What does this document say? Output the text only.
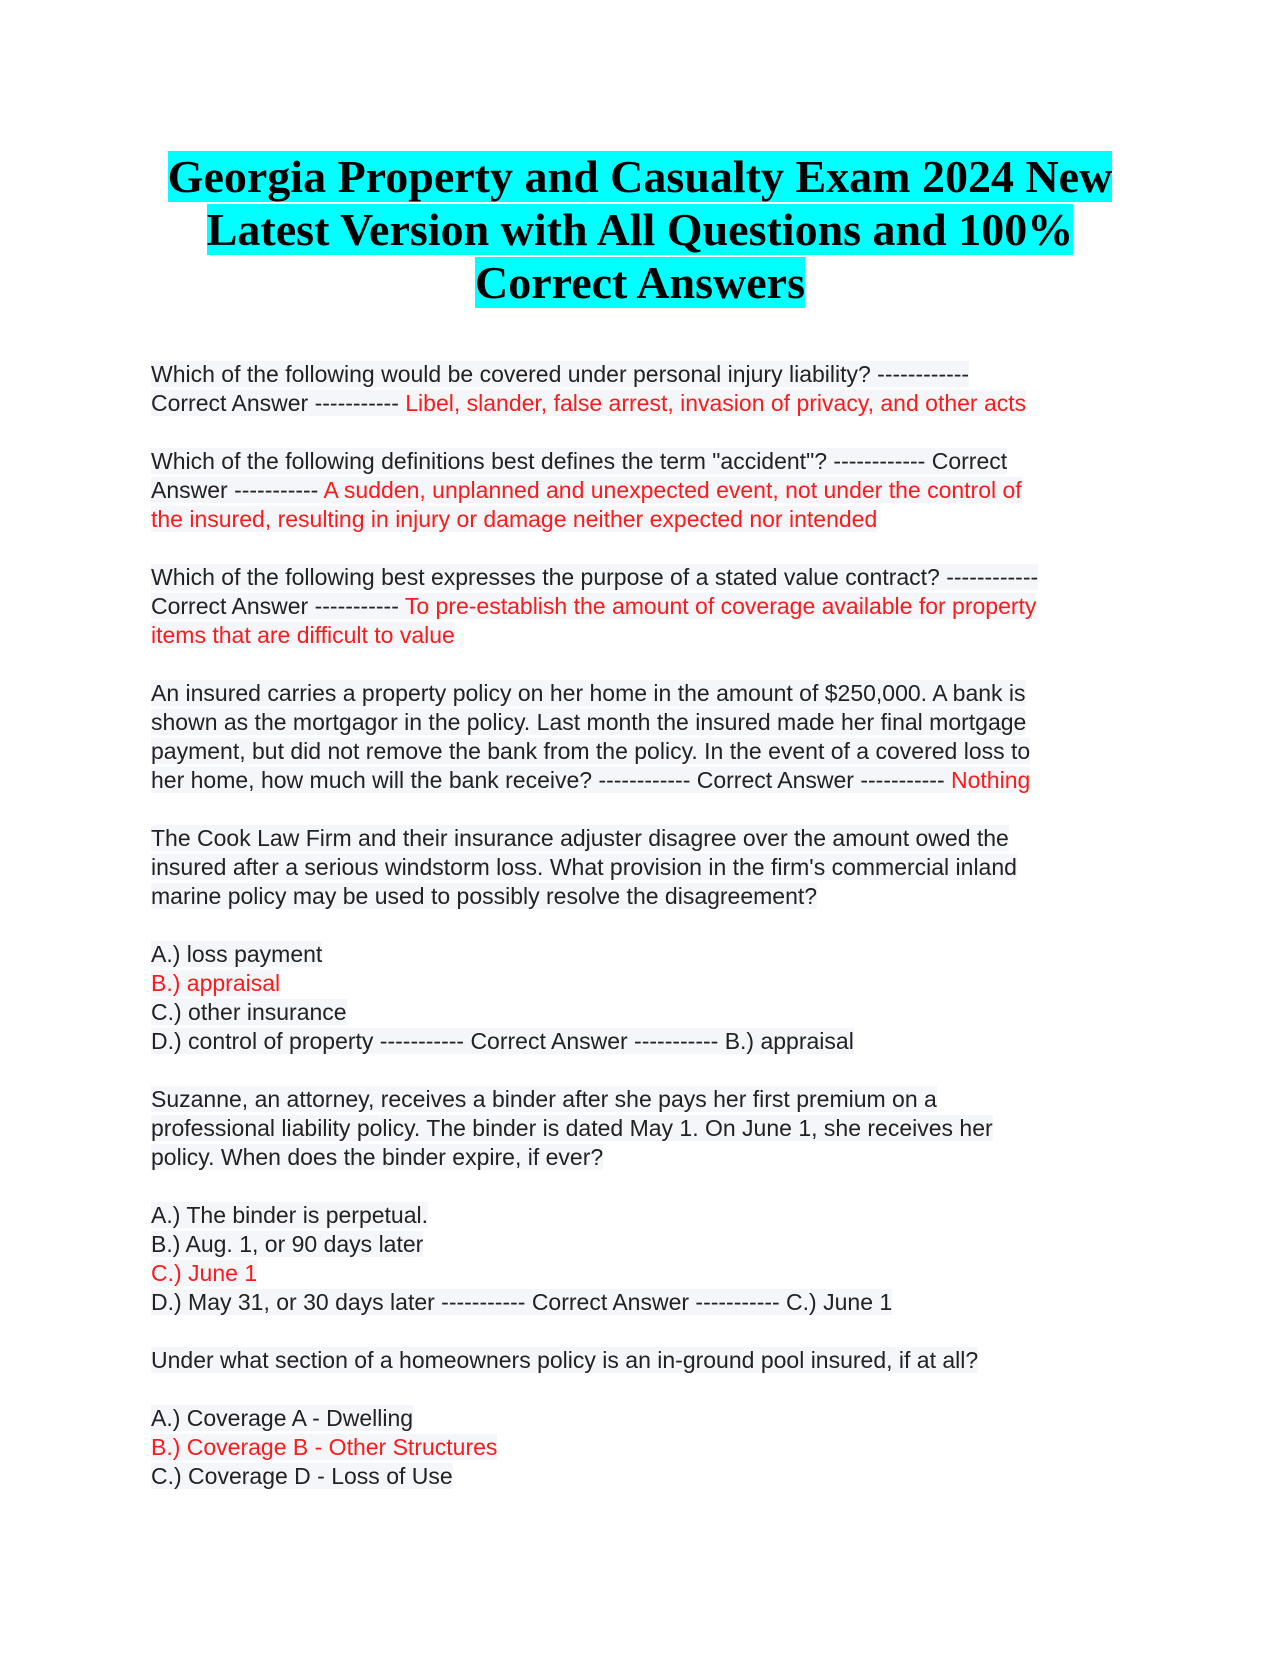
Georgia Property and Casualty Exam 2024 New
Latest Version with All Questions and 100%
Correct Answers
Which of the following would be covered under personal injury liability? ------------
Correct Answer ----------- Libel, slander, false arrest, invasion of privacy, and other acts
Which of the following definitions best defines the term "accident"? ------------ Correct
Answer ----------- A sudden, unplanned and unexpected event, not under the control of
the insured, resulting in injury or damage neither expected nor intended
Which of the following best expresses the purpose of a stated value contract? ------------
Correct Answer ----------- To pre-establish the amount of coverage available for property
items that are difficult to value
An insured carries a property policy on her home in the amount of $250,000. A bank is
shown as the mortgagor in the policy. Last month the insured made her final mortgage
payment, but did not remove the bank from the policy. In the event of a covered loss to
her home, how much will the bank receive? ------------ Correct Answer ----------- Nothing
The Cook Law Firm and their insurance adjuster disagree over the amount owed the
insured after a serious windstorm loss. What provision in the firm's commercial inland
marine policy may be used to possibly resolve the disagreement?
A.) loss payment
B.) appraisal
C.) other insurance
D.) control of property ----------- Correct Answer ----------- B.) appraisal
Suzanne, an attorney, receives a binder after she pays her first premium on a
professional liability policy. The binder is dated May 1. On June 1, she receives her
policy. When does the binder expire, if ever?
A.) The binder is perpetual.
B.) Aug. 1, or 90 days later
C.) June 1
D.) May 31, or 30 days later ----------- Correct Answer ----------- C.) June 1
Under what section of a homeowners policy is an in-ground pool insured, if at all?
A.) Coverage A - Dwelling
B.) Coverage B - Other Structures
C.) Coverage D - Loss of Use
